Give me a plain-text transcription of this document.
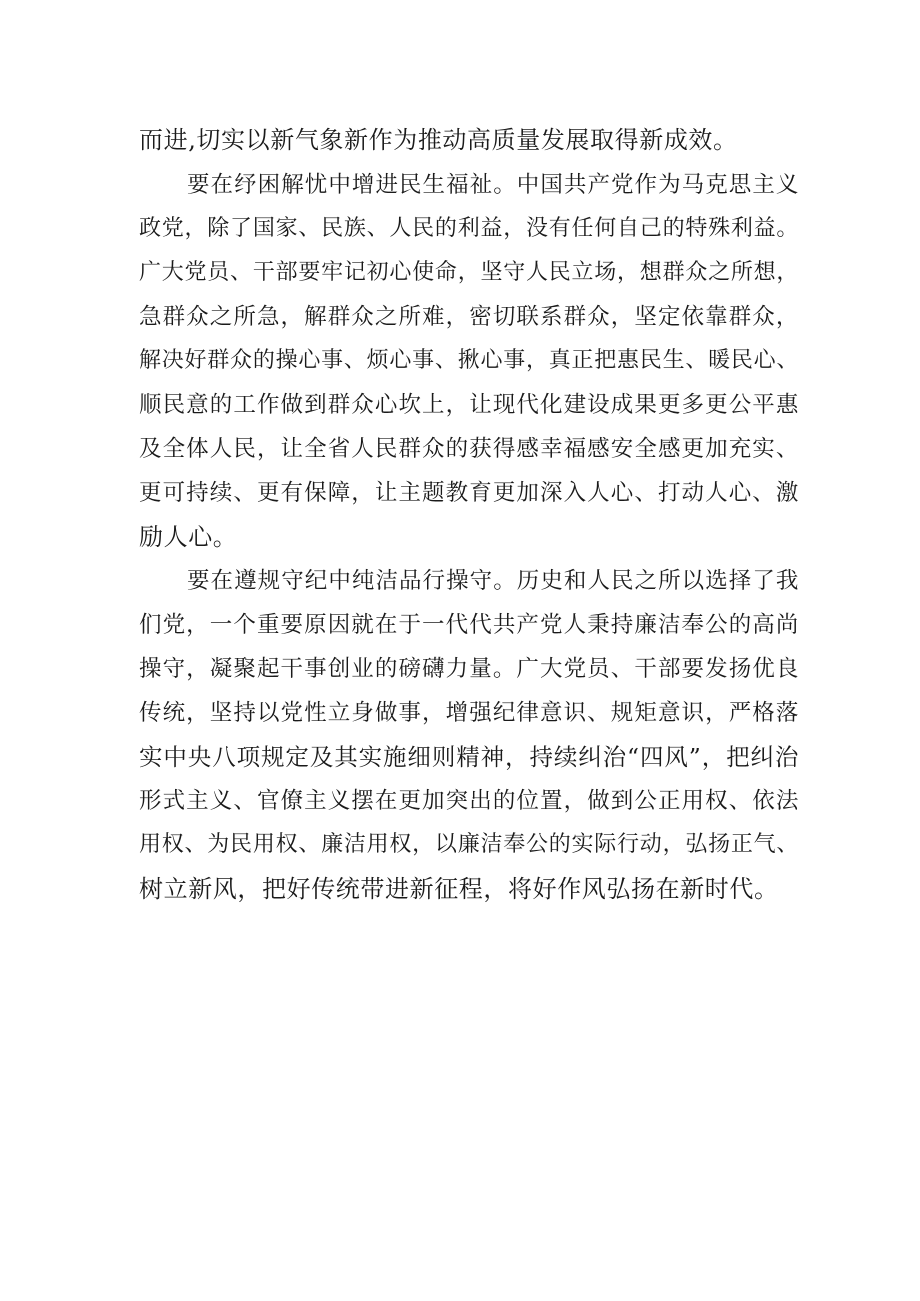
而进,切实以新气象新作为推动高质量发展取得新成效。
要在纾困解忧中增进民生福祉。中国共产党作为马克思主义
政党，除了国家、民族、人民的利益，没有任何自己的特殊利益。
广大党员、干部要牢记初心使命，坚守人民立场，想群众之所想，
急群众之所急，解群众之所难，密切联系群众，坚定依靠群众，
解决好群众的操心事、烦心事、揪心事，真正把惠民生、暖民心、
顺民意的工作做到群众心坎上，让现代化建设成果更多更公平惠
及全体人民，让全省人民群众的获得感幸福感安全感更加充实、
更可持续、更有保障，让主题教育更加深入人心、打动人心、激
励人心。
要在遵规守纪中纯洁品行操守。历史和人民之所以选择了我
们党，一个重要原因就在于一代代共产党人秉持廉洁奉公的高尚
操守，凝聚起干事创业的磅礴力量。广大党员、干部要发扬优良
传统，坚持以党性立身做事，增强纪律意识、规矩意识，严格落
实中央八项规定及其实施细则精神，持续纠治“四风”，把纠治
形式主义、官僚主义摆在更加突出的位置，做到公正用权、依法
用权、为民用权、廉洁用权，以廉洁奉公的实际行动，弘扬正气、
树立新风，把好传统带进新征程，将好作风弘扬在新时代。
